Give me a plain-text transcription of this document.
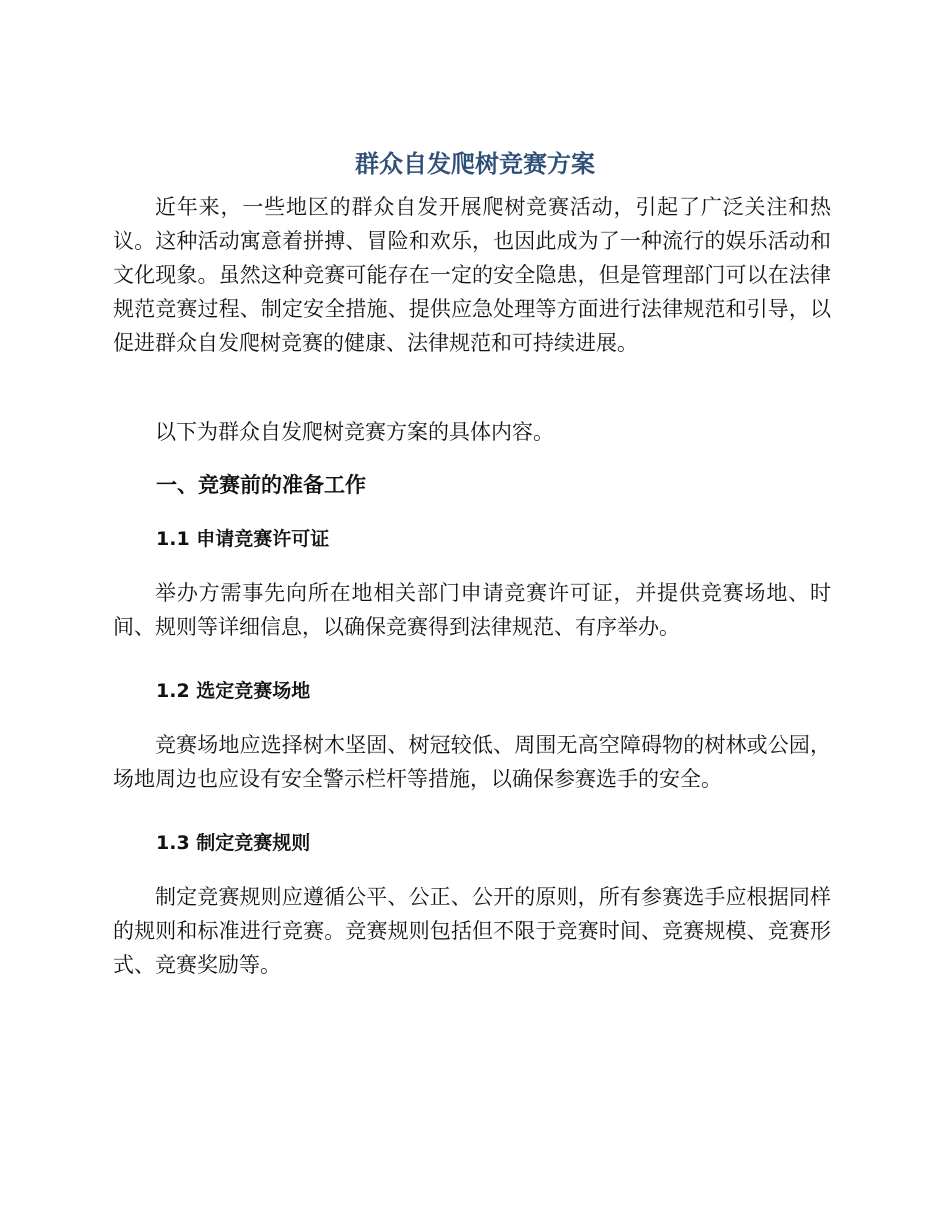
群众自发爬树竞赛方案

近年来，一些地区的群众自发开展爬树竞赛活动，引起了广泛关注和热议。这种活动寓意着拼搏、冒险和欢乐，也因此成为了一种流行的娱乐活动和文化现象。虽然这种竞赛可能存在一定的安全隐患，但是管理部门可以在法律规范竞赛过程、制定安全措施、提供应急处理等方面进行法律规范和引导，以促进群众自发爬树竞赛的健康、法律规范和可持续进展。

以下为群众自发爬树竞赛方案的具体内容。

一、竞赛前的准备工作
1.1 申请竞赛许可证

举办方需事先向所在地相关部门申请竞赛许可证，并提供竞赛场地、时间、规则等详细信息，以确保竞赛得到法律规范、有序举办。

1.2 选定竞赛场地

竞赛场地应选择树木坚固、树冠较低、周围无高空障碍物的树林或公园，场地周边也应设有安全警示栏杆等措施，以确保参赛选手的安全。

1.3 制定竞赛规则

制定竞赛规则应遵循公平、公正、公开的原则，所有参赛选手应根据同样的规则和标准进行竞赛。竞赛规则包括但不限于竞赛时间、竞赛规模、竞赛形式、竞赛奖励等。
